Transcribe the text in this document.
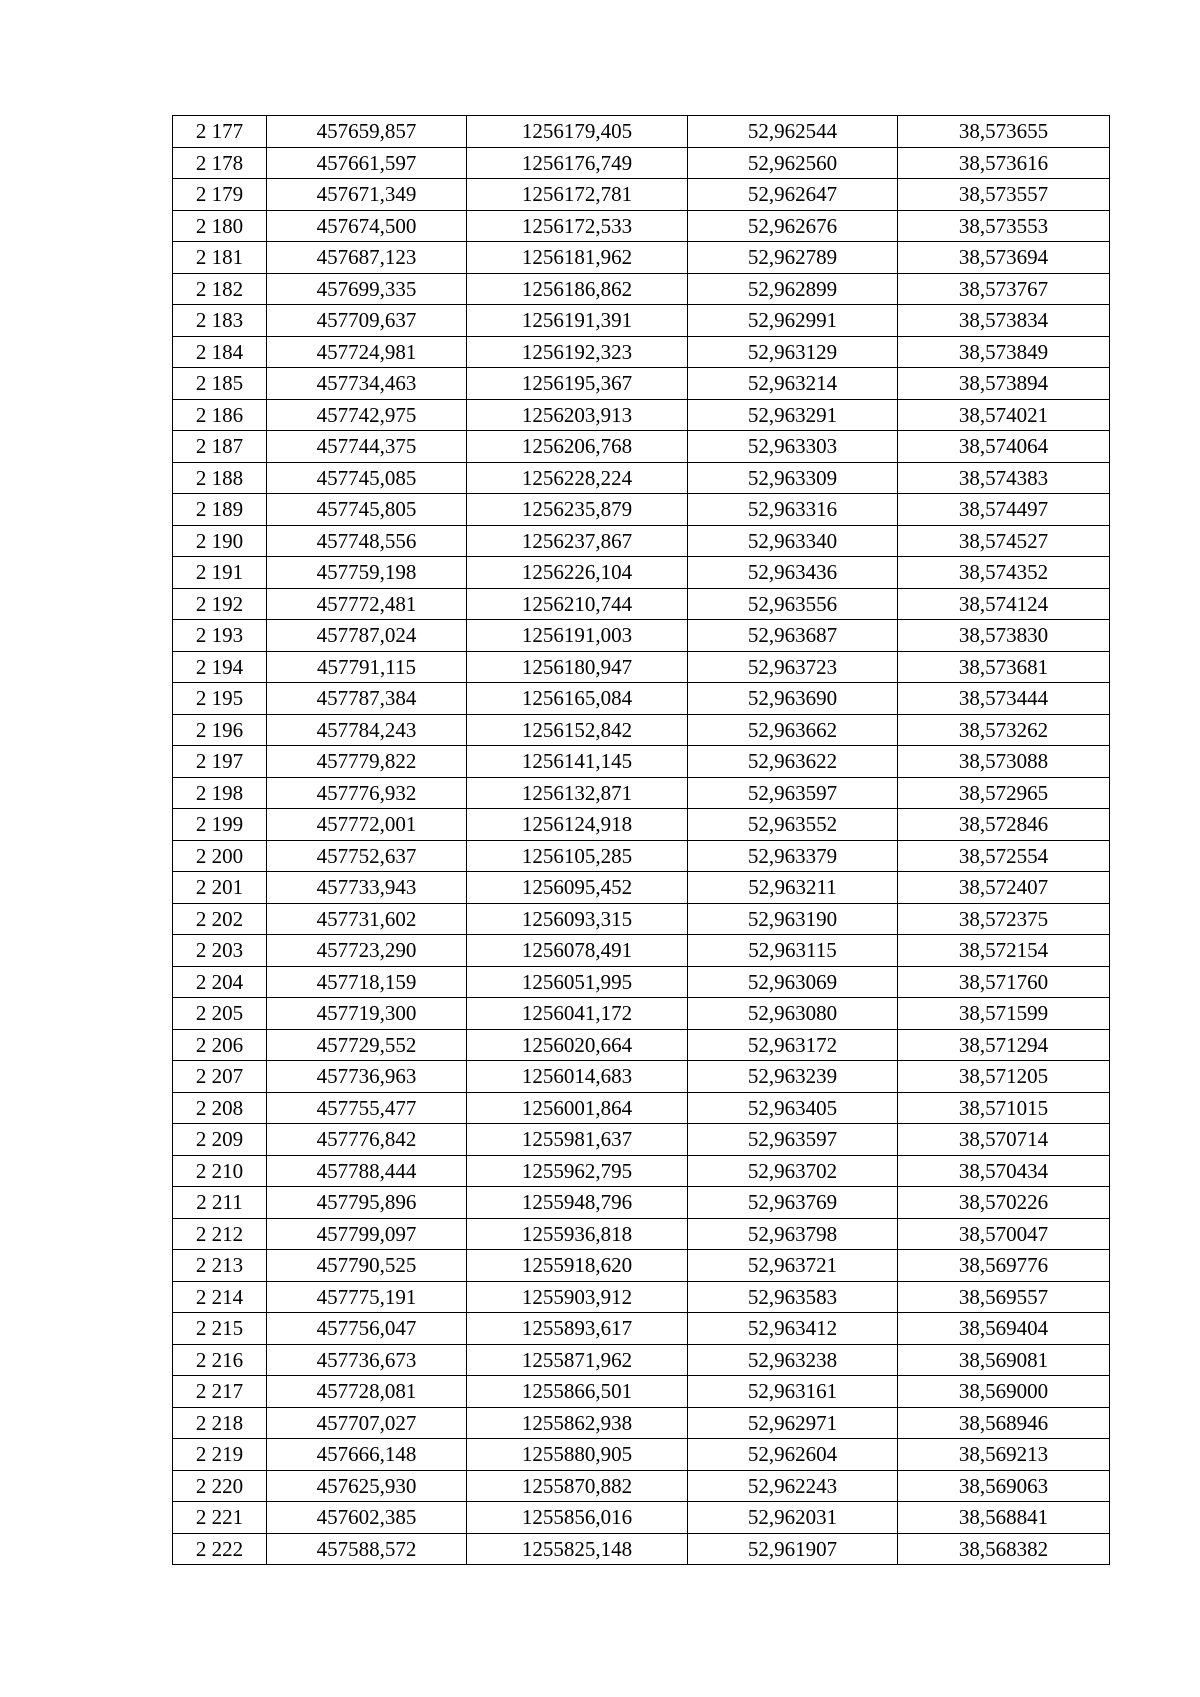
2 177	457659,857	1256179,405	52,962544	38,573655
2 178	457661,597	1256176,749	52,962560	38,573616
2 179	457671,349	1256172,781	52,962647	38,573557
2 180	457674,500	1256172,533	52,962676	38,573553
2 181	457687,123	1256181,962	52,962789	38,573694
2 182	457699,335	1256186,862	52,962899	38,573767
2 183	457709,637	1256191,391	52,962991	38,573834
2 184	457724,981	1256192,323	52,963129	38,573849
2 185	457734,463	1256195,367	52,963214	38,573894
2 186	457742,975	1256203,913	52,963291	38,574021
2 187	457744,375	1256206,768	52,963303	38,574064
2 188	457745,085	1256228,224	52,963309	38,574383
2 189	457745,805	1256235,879	52,963316	38,574497
2 190	457748,556	1256237,867	52,963340	38,574527
2 191	457759,198	1256226,104	52,963436	38,574352
2 192	457772,481	1256210,744	52,963556	38,574124
2 193	457787,024	1256191,003	52,963687	38,573830
2 194	457791,115	1256180,947	52,963723	38,573681
2 195	457787,384	1256165,084	52,963690	38,573444
2 196	457784,243	1256152,842	52,963662	38,573262
2 197	457779,822	1256141,145	52,963622	38,573088
2 198	457776,932	1256132,871	52,963597	38,572965
2 199	457772,001	1256124,918	52,963552	38,572846
2 200	457752,637	1256105,285	52,963379	38,572554
2 201	457733,943	1256095,452	52,963211	38,572407
2 202	457731,602	1256093,315	52,963190	38,572375
2 203	457723,290	1256078,491	52,963115	38,572154
2 204	457718,159	1256051,995	52,963069	38,571760
2 205	457719,300	1256041,172	52,963080	38,571599
2 206	457729,552	1256020,664	52,963172	38,571294
2 207	457736,963	1256014,683	52,963239	38,571205
2 208	457755,477	1256001,864	52,963405	38,571015
2 209	457776,842	1255981,637	52,963597	38,570714
2 210	457788,444	1255962,795	52,963702	38,570434
2 211	457795,896	1255948,796	52,963769	38,570226
2 212	457799,097	1255936,818	52,963798	38,570047
2 213	457790,525	1255918,620	52,963721	38,569776
2 214	457775,191	1255903,912	52,963583	38,569557
2 215	457756,047	1255893,617	52,963412	38,569404
2 216	457736,673	1255871,962	52,963238	38,569081
2 217	457728,081	1255866,501	52,963161	38,569000
2 218	457707,027	1255862,938	52,962971	38,568946
2 219	457666,148	1255880,905	52,962604	38,569213
2 220	457625,930	1255870,882	52,962243	38,569063
2 221	457602,385	1255856,016	52,962031	38,568841
2 222	457588,572	1255825,148	52,961907	38,568382
